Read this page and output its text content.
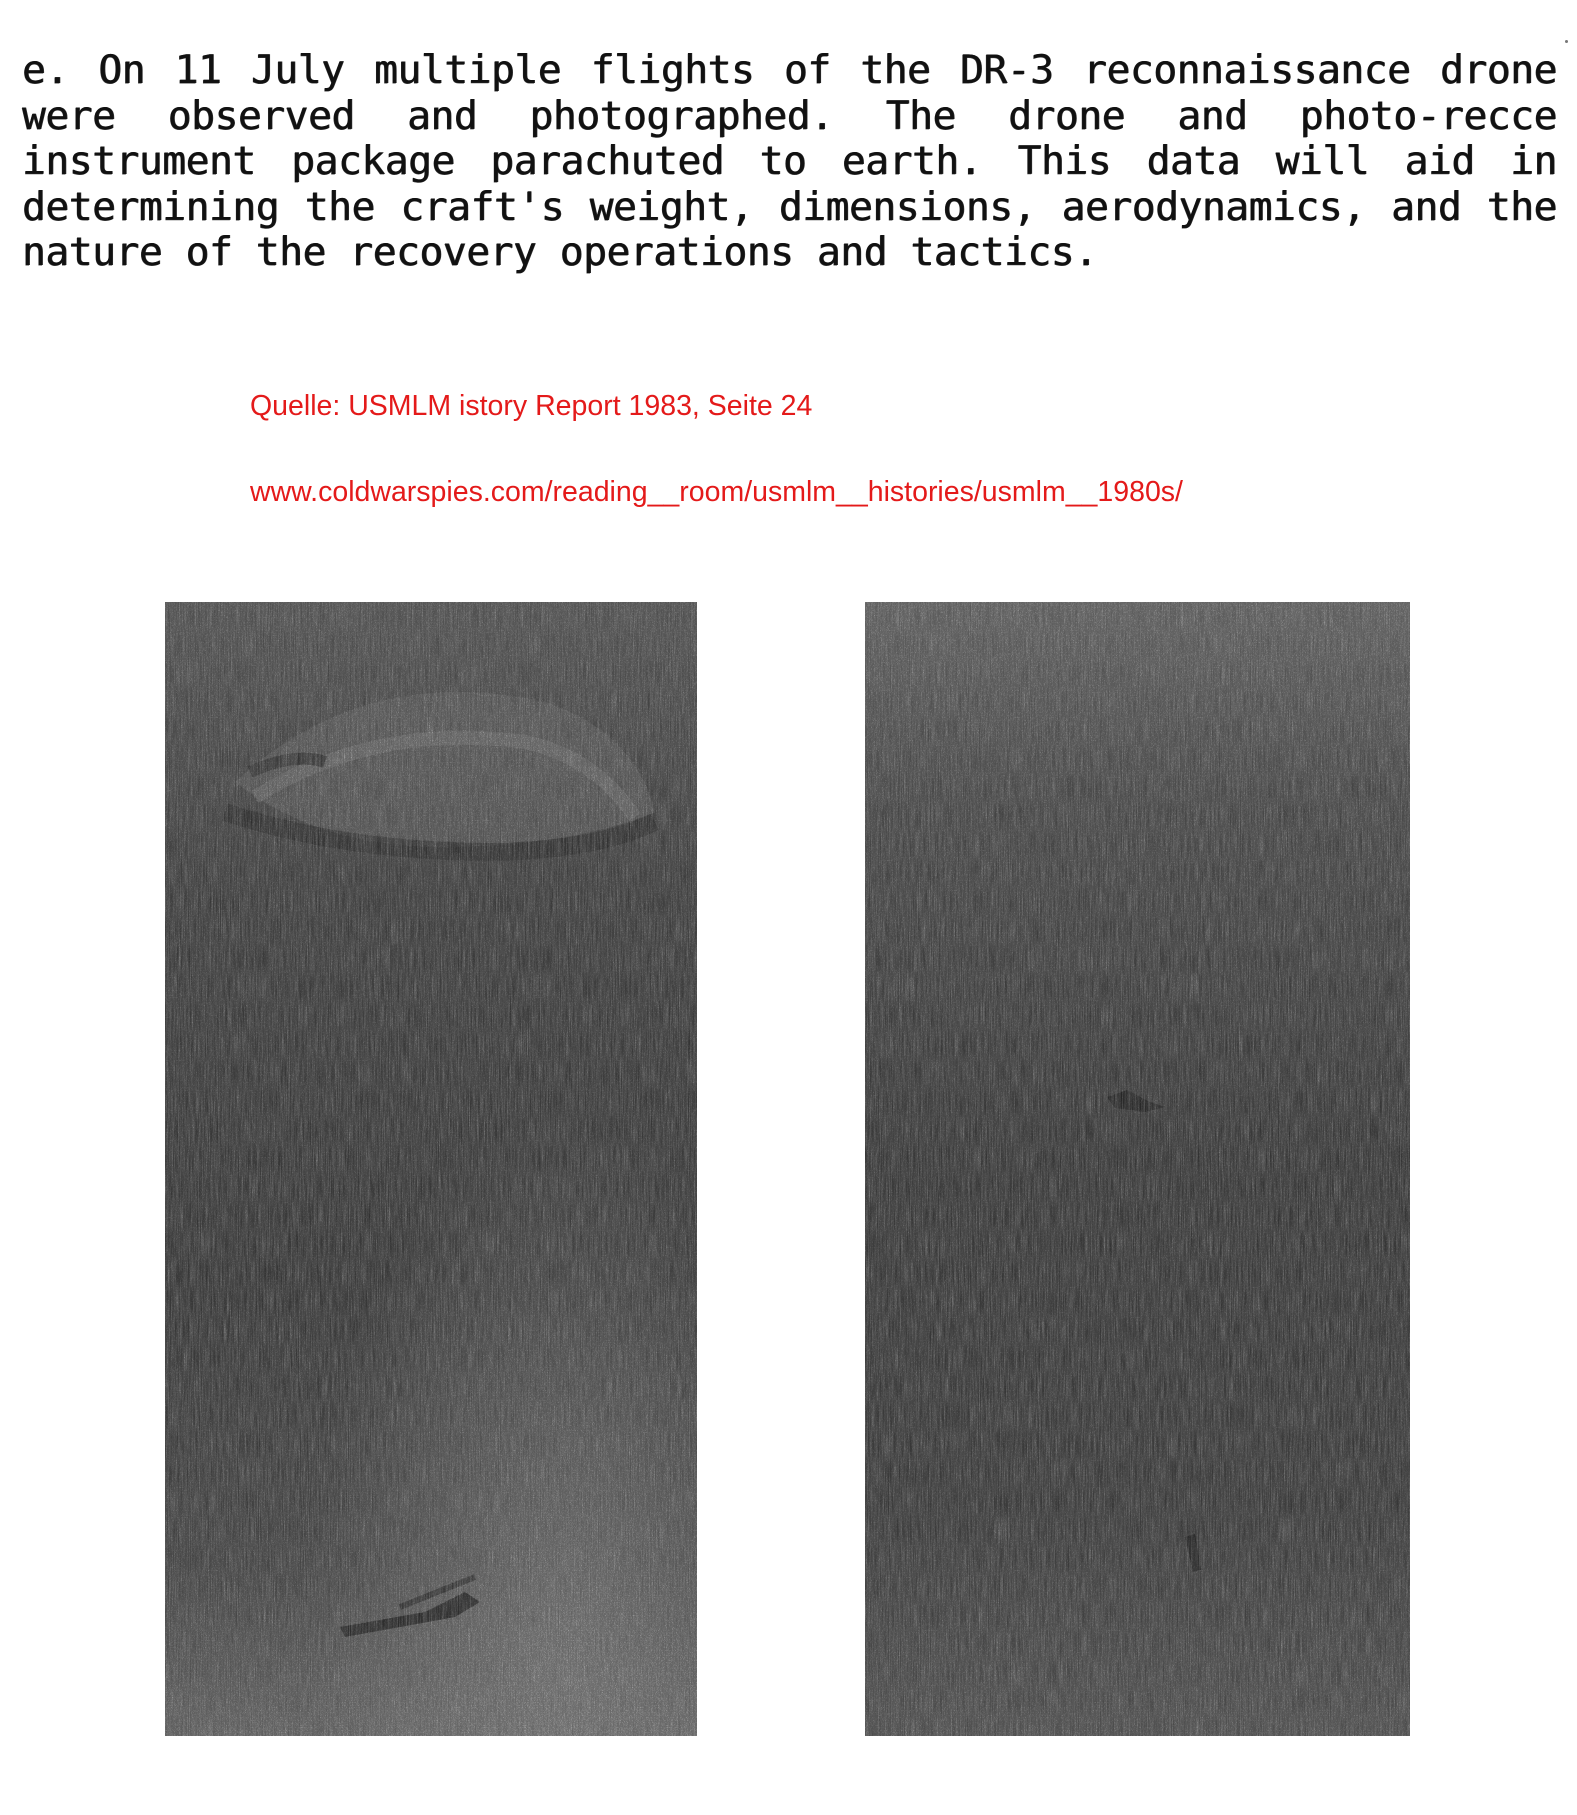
e. On 11 July multiple flights of the DR-3 reconnaissance drone
were observed and photographed. The drone and photo-recce
instrument package parachuted to earth. This data will aid in
determining the craft's weight, dimensions, aerodynamics, and the
nature of the recovery operations and tactics.

Quelle: USMLM istory Report 1983, Seite 24

www.coldwarspies.com/reading__room/usmlm__histories/usmlm__1980s/
